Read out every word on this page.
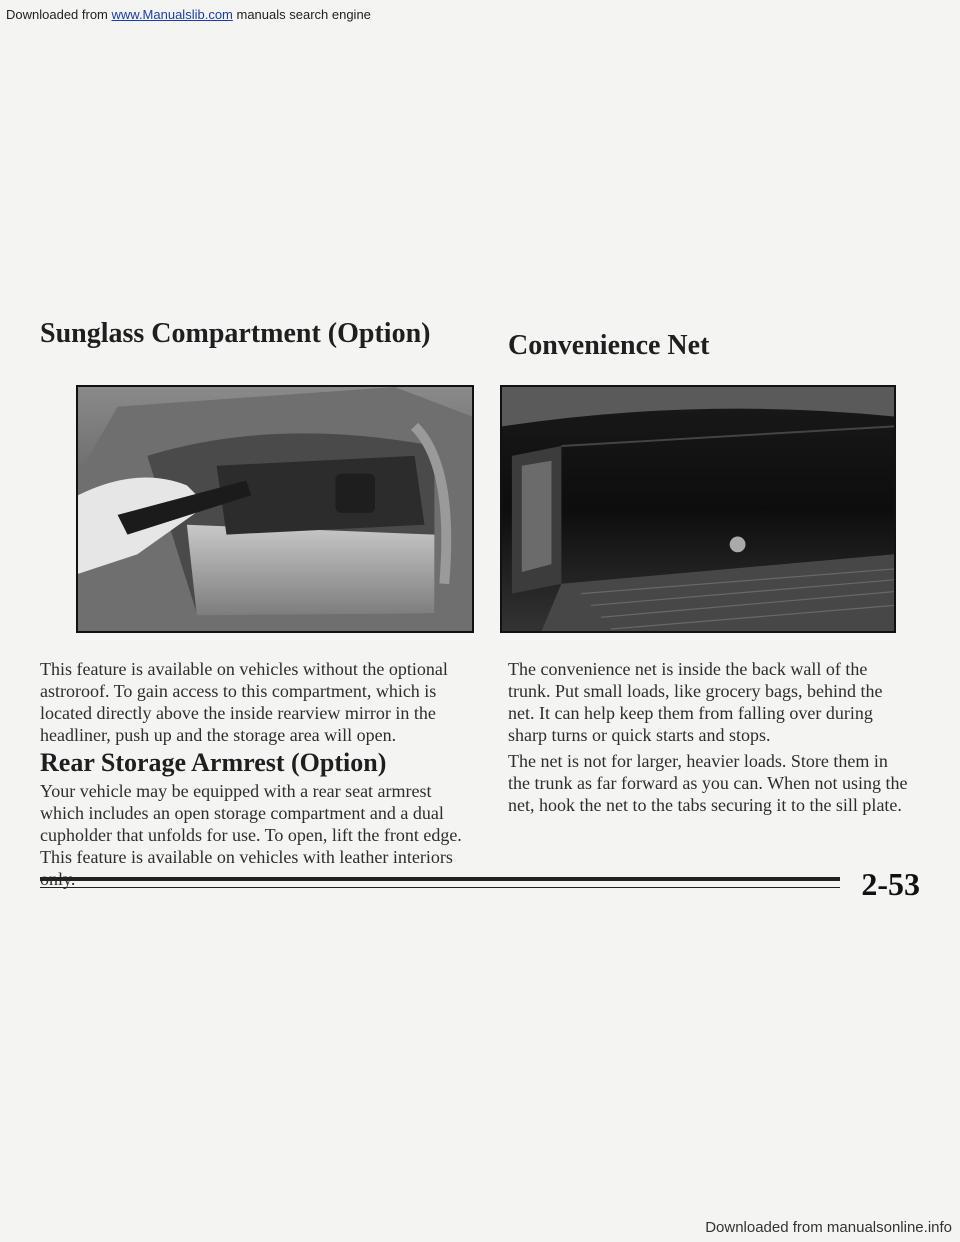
Downloaded from www.Manualslib.com manuals search engine
Sunglass Compartment (Option)	Convenience Net

This feature is available on vehicles without the optional astroroof. To gain access to this compartment, which is located directly above the inside rearview mirror in the headliner, push up and the storage area will open.

Rear Storage Armrest (Option)

Your vehicle may be equipped with a rear seat armrest which includes an open storage compartment and a dual cupholder that unfolds for use. To open, lift the front edge. This feature is available on vehicles with leather interiors

The convenience net is inside the back wall of the trunk. Put small loads, like grocery bags, behind the net. It can help keep them from falling over during sharp turns or quick starts and stops.

The net is not for larger, heavier loads. Store them in the trunk as far forward as you can. When not using the net, hook the net to the tabs securing it to the sill plate.

2-53
Downloaded from manualsonline.info
